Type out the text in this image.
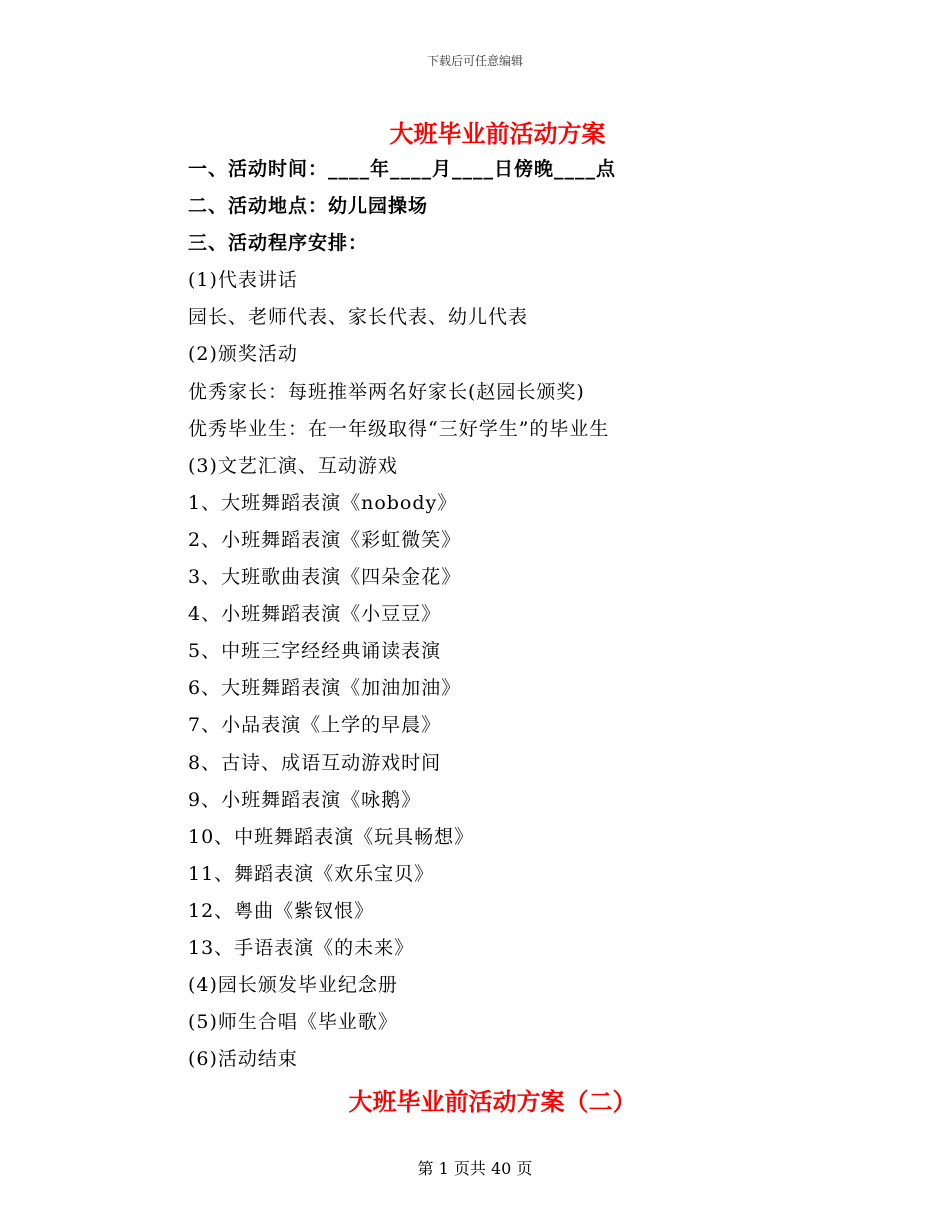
下载后可任意编辑
大班毕业前活动方案
一、活动时间：____年____月____日傍晚____点
二、活动地点：幼儿园操场
三、活动程序安排：
(1)代表讲话
园长、老师代表、家长代表、幼儿代表
(2)颁奖活动
优秀家长：每班推举两名好家长(赵园长颁奖)
优秀毕业生：在一年级取得“三好学生”的毕业生
(3)文艺汇演、互动游戏
1、大班舞蹈表演《nobody》
2、小班舞蹈表演《彩虹微笑》
3、大班歌曲表演《四朵金花》
4、小班舞蹈表演《小豆豆》
5、中班三字经经典诵读表演
6、大班舞蹈表演《加油加油》
7、小品表演《上学的早晨》
8、古诗、成语互动游戏时间
9、小班舞蹈表演《咏鹅》
10、中班舞蹈表演《玩具畅想》
11、舞蹈表演《欢乐宝贝》
12、粤曲《紫钗恨》
13、手语表演《的未来》
(4)园长颁发毕业纪念册
(5)师生合唱《毕业歌》
(6)活动结束
大班毕业前活动方案（二）
第 1 页共 40 页
